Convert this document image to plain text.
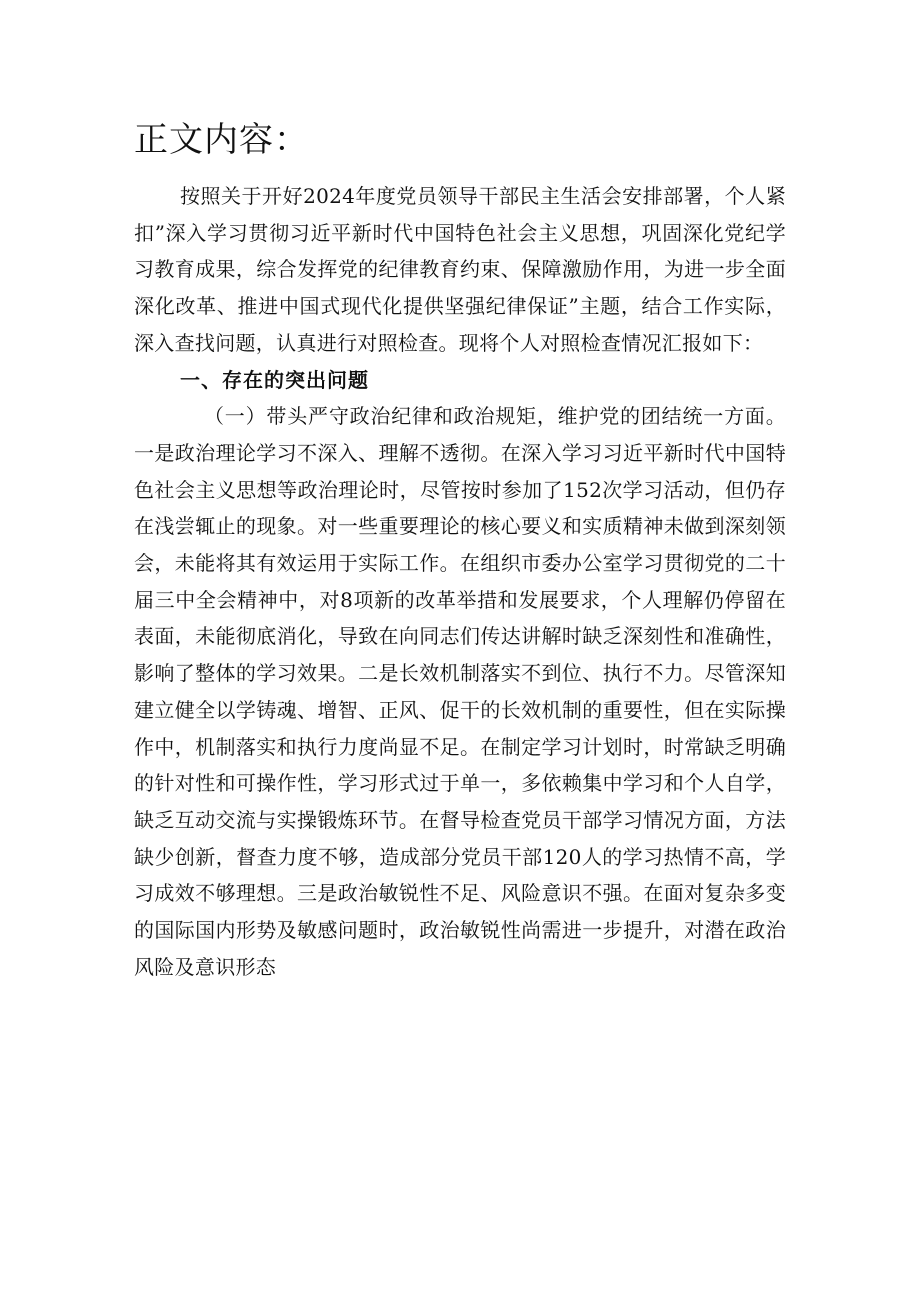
正文内容：

按照关于开好2024年度党员领导干部民主生活会安排部署，个人紧扣”深入学习贯彻习近平新时代中国特色社会主义思想，巩固深化党纪学习教育成果，综合发挥党的纪律教育约束、保障激励作用，为进一步全面深化改革、推进中国式现代化提供坚强纪律保证”主题，结合工作实际，深入查找问题，认真进行对照检查。现将个人对照检查情况汇报如下：

一、存在的突出问题

（一）带头严守政治纪律和政治规矩，维护党的团结统一方面。一是政治理论学习不深入、理解不透彻。在深入学习习近平新时代中国特色社会主义思想等政治理论时，尽管按时参加了152次学习活动，但仍存在浅尝辄止的现象。对一些重要理论的核心要义和实质精神未做到深刻领会，未能将其有效运用于实际工作。在组织市委办公室学习贯彻党的二十届三中全会精神中，对8项新的改革举措和发展要求，个人理解仍停留在表面，未能彻底消化，导致在向同志们传达讲解时缺乏深刻性和准确性，影响了整体的学习效果。二是长效机制落实不到位、执行不力。尽管深知建立健全以学铸魂、增智、正风、促干的长效机制的重要性，但在实际操作中，机制落实和执行力度尚显不足。在制定学习计划时，时常缺乏明确的针对性和可操作性，学习形式过于单一，多依赖集中学习和个人自学，缺乏互动交流与实操锻炼环节。在督导检查党员干部学习情况方面，方法缺少创新，督查力度不够，造成部分党员干部120人的学习热情不高，学习成效不够理想。三是政治敏锐性不足、风险意识不强。在面对复杂多变的国际国内形势及敏感问题时，政治敏锐性尚需进一步提升，对潜在政治风险及意识形态
